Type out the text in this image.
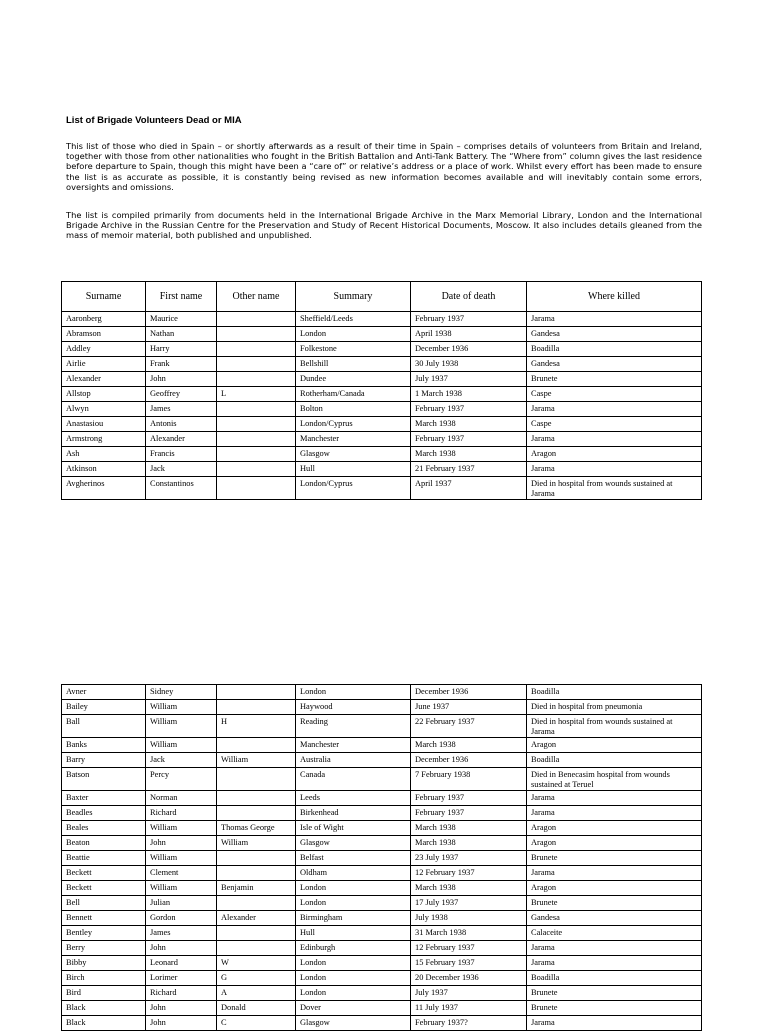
List of Brigade Volunteers Dead or MIA

This list of those who died in Spain – or shortly afterwards as a result of their time in Spain – comprises details of volunteers from Britain and Ireland, together with those from other nationalities who fought in the British Battalion and Anti-Tank Battery. The “Where from” column gives the last residence before departure to Spain, though this might have been a “care of” or relative’s address or a place of work. Whilst every effort has been made to ensure the list is as accurate as possible, it is constantly being revised as new information becomes available and will inevitably contain some errors, oversights and omissions.

The list is compiled primarily from documents held in the International Brigade Archive in the Marx Memorial Library, London and the International Brigade Archive in the Russian Centre for the Preservation and Study of Recent Historical Documents, Moscow. It also includes details gleaned from the mass of memoir material, both published and unpublished.

Surname	First name	Other name	Summary	Date of death	Where killed
Aaronberg	Maurice		Sheffield/Leeds	February 1937	Jarama
Abramson	Nathan		London	April 1938	Gandesa
Addley	Harry		Folkestone	December 1936	Boadilla
Airlie	Frank		Bellshill	30 July 1938	Gandesa
Alexander	John		Dundee	July 1937	Brunete
Allstop	Geoffrey	L	Rotherham/Canada	1 March 1938	Caspe
Alwyn	James		Bolton	February 1937	Jarama
Anastasiou	Antonis		London/Cyprus	March 1938	Caspe
Armstrong	Alexander		Manchester	February 1937	Jarama
Ash	Francis		Glasgow	March 1938	Aragon
Atkinson	Jack		Hull	21 February 1937	Jarama
Avgherinos	Constantinos		London/Cyprus	April 1937	Died in hospital from wounds sustained at Jarama
Avner	Sidney		London	December 1936	Boadilla
Bailey	William		Haywood	June 1937	Died in hospital from pneumonia
Ball	William	H	Reading	22 February 1937	Died in hospital from wounds sustained at Jarama
Banks	William		Manchester	March 1938	Aragon
Barry	Jack	William	Australia	December 1936	Boadilla
Batson	Percy		Canada	7 February 1938	Died in Benecasim hospital from wounds sustained at Teruel
Baxter	Norman		Leeds	February 1937	Jarama
Beadles	Richard		Birkenhead	February 1937	Jarama
Beales	William	Thomas George	Isle of Wight	March 1938	Aragon
Beaton	John	William	Glasgow	March 1938	Aragon
Beattie	William		Belfast	23 July 1937	Brunete
Beckett	Clement		Oldham	12 February 1937	Jarama
Beckett	William	Benjamin	London	March 1938	Aragon
Bell	Julian		London	17 July 1937	Brunete
Bennett	Gordon	Alexander	Birmingham	July 1938	Gandesa
Bentley	James		Hull	31 March 1938	Calaceite
Berry	John		Edinburgh	12 February 1937	Jarama
Bibby	Leonard	W	London	15 February 1937	Jarama
Birch	Lorimer	G	London	20 December 1936	Boadilla
Bird	Richard	A	London	July 1937	Brunete
Black	John	Donald	Dover	11 July 1937	Brunete
Black	John	C	Glasgow	February 1937?	Jarama
